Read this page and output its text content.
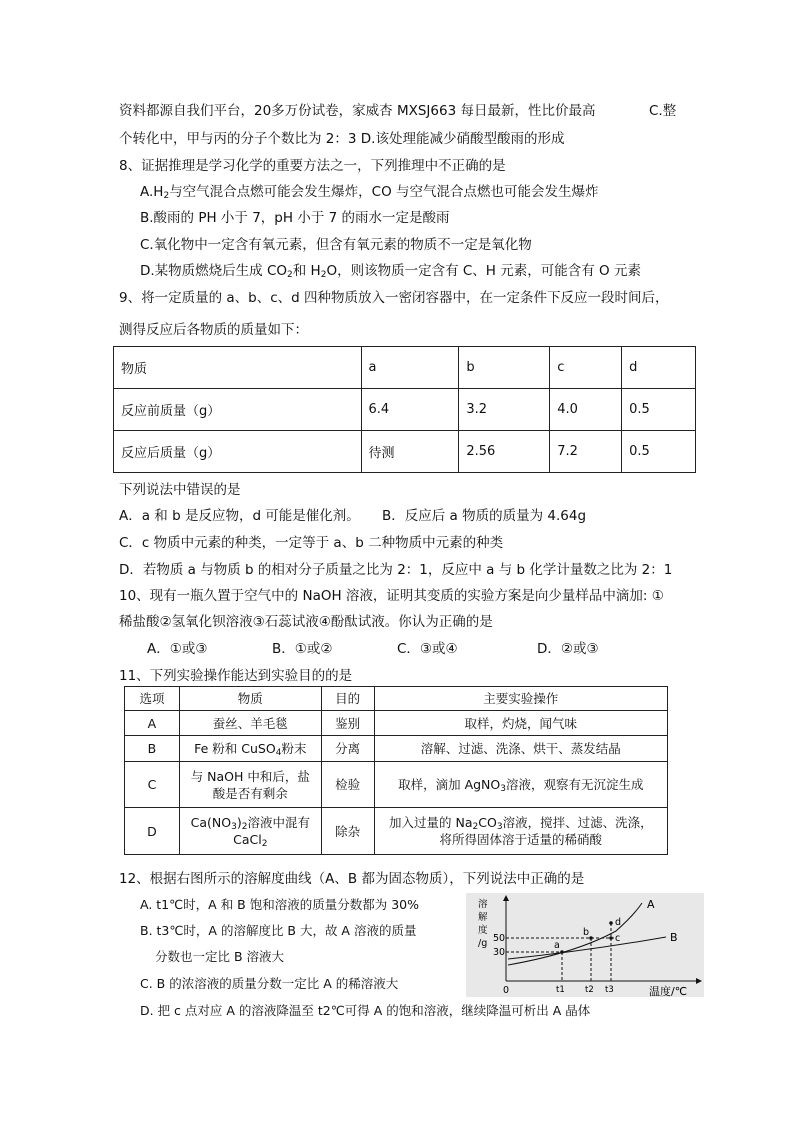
资料都源自我们平台，20多万份试卷，家威杏 MXSJ663 每日最新，性比价最高	C.整
个转化中，甲与丙的分子个数比为 2：3 D.该处理能减少硝酸型酸雨的形成
8、证据推理是学习化学的重要方法之一，下列推理中不正确的是
$A.H_2$与空气混合点燃可能会发生爆炸，CO 与空气混合点燃也可能会发生爆炸
B.酸雨的 PH 小于 7，pH 小于 7 的雨水一定是酸雨
C.氧化物中一定含有氧元素，但含有氧元素的物质不一定是氧化物
D.某物质燃烧后生成 $CO_2$和 $H_2O$，则该物质一定含有 C、H 元素，可能含有 O 元素
9、将一定质量的 a、b、c、d 四种物质放入一密闭容器中，在一定条件下反应一段时间后，
测得反应后各物质的质量如下：
物质	a	b	c	d
反应前质量（g）	6.4	3.2	4.0	0.5
反应后质量（g）	待测	2.56	7.2	0.5
下列说法中错误的是
A．a 和 b 是反应物，d 可能是催化剂。 B．反应后 a 物质的质量为 4.64g
C．c 物质中元素的种类，一定等于 a、b 二种物质中元素的种类
D．若物质 a 与物质 b 的相对分子质量之比为 2：1，反应中 a 与 b 化学计量数之比为 2：1
10、现有一瓶久置于空气中的 NaOH 溶液，证明其变质的实验方案是向少量样品中滴加: ①
稀盐酸②氢氧化钡溶液③石蕊试液④酚酞试液。你认为正确的是
A．①或③	B．①或②	C．③或④	D．②或③
11、下列实验操作能达到实验目的的是
选项	物质	目的	主要实验操作
A	蚕丝、羊毛毯	鉴别	取样，灼烧，闻气味
B	Fe 粉和 CuSO$_4$粉末	分离	溶解、过滤、洗涤、烘干、蒸发结晶
C	与 NaOH 中和后，盐
酸是否有剩余	检验	取样，滴加 AgNO$_3$溶液，观察有无沉淀生成
D	$Ca(NO_3)_2$溶液中混有
CaCl$_2$	除杂	加入过量的 $Na_2CO_3$溶液，搅拌、过滤、洗涤，
将所得固体溶于适量的稀硝酸
12、根据右图所示的溶解度曲线（A、B 都为固态物质），下列说法中正确的是
A. t1℃时，A 和 B 饱和溶液的质量分数都为 30%
B. t3℃时，A 的溶解度比 B 大，故 A 溶液的质量
分数也一定比 B 溶液大
C. B 的浓溶液的质量分数一定比 A 的稀溶液大
D. 把 c 点对应 A 的溶液降温至 t2℃可得 A 的饱和溶液，继续降温可析出 A 晶体
溶
解
度
/g 50
30
0	温度/℃
A
B
a
b
c
d
t1 t2 t3
